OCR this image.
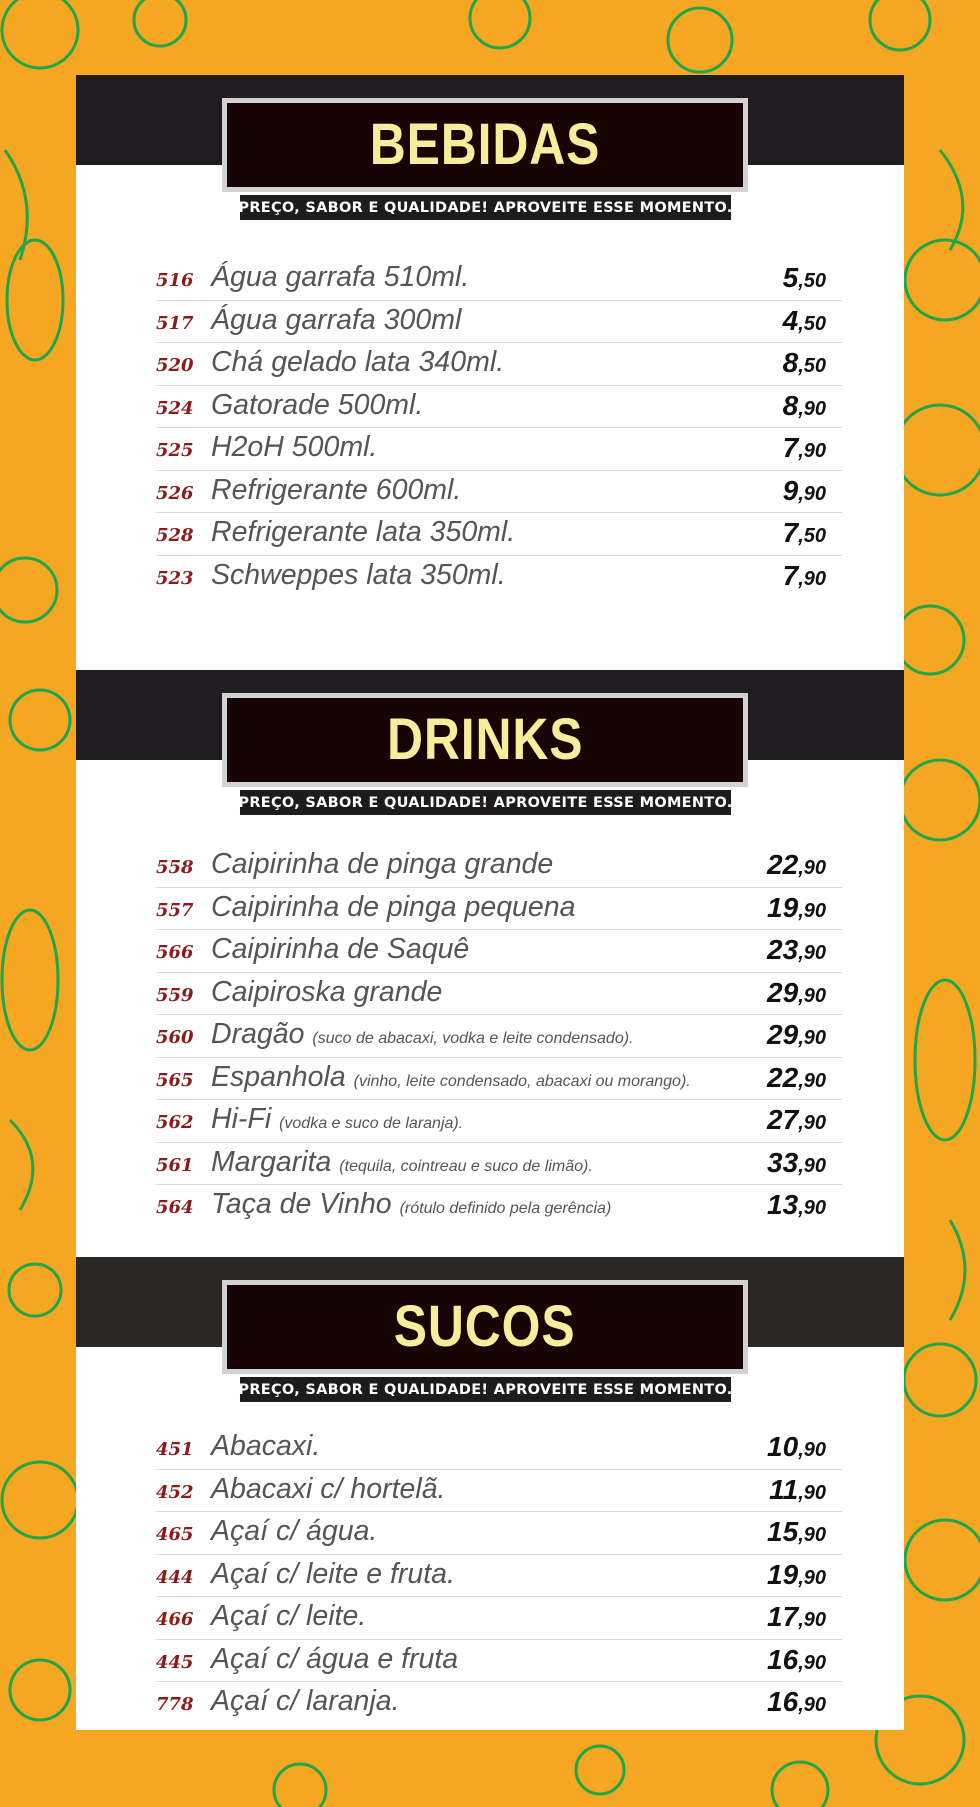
BEBIDAS
PREÇO, SABOR E QUALIDADE! APROVEITE ESSE MOMENTO.
516 Água garrafa 510ml.	5,50
517 Água garrafa 300ml	4,50
520 Chá gelado lata 340ml.	8,50
524 Gatorade 500ml.	8,90
525 H2oH 500ml.	7,90
526 Refrigerante 600ml.	9,90
528 Refrigerante lata 350ml.	7,50
523 Schweppes lata 350ml.	7,90
DRINKS
PREÇO, SABOR E QUALIDADE! APROVEITE ESSE MOMENTO.
558 Caipirinha de pinga grande	22,90
557 Caipirinha de pinga pequena	19,90
566 Caipirinha de Saquê	23,90
559 Caipiroska grande	29,90
560 Dragão (suco de abacaxi, vodka e leite condensado).	29,90
565 Espanhola (vinho, leite condensado, abacaxi ou morango).	22,90
562 Hi-Fi (vodka e suco de laranja).	27,90
561 Margarita (tequila, cointreau e suco de limão).	33,90
564 Taça de Vinho (rótulo definido pela gerência)	13,90
SUCOS
PREÇO, SABOR E QUALIDADE! APROVEITE ESSE MOMENTO.
451 Abacaxi.	10,90
452 Abacaxi c/ hortelã.	11,90
465 Açaí c/ água.	15,90
444 Açaí c/ leite e fruta.	19,90
466 Açaí c/ leite.	17,90
445 Açaí c/ água e fruta	16,90
778 Açaí c/ laranja.	16,90
